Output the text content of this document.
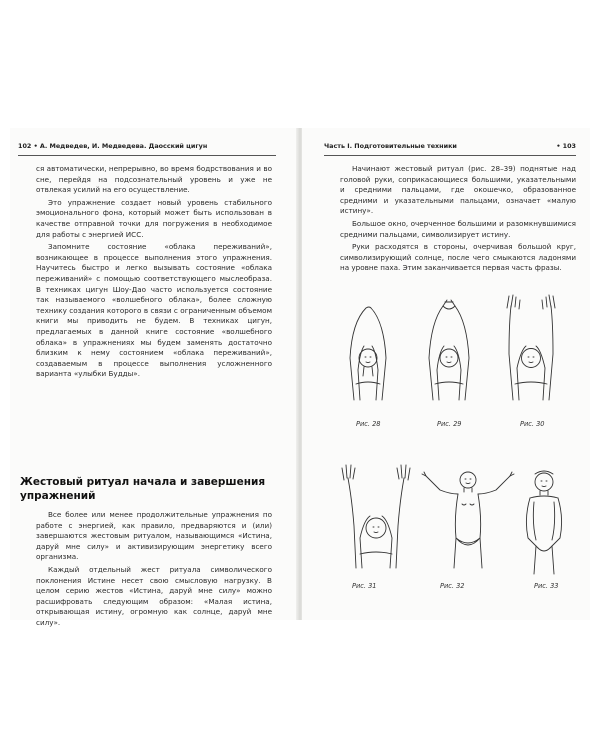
102 • А. Медведев, И. Медведева. Даосский цигун

ся автоматически, непрерывно, во время бодрствования и во сне, перейдя на подсознательный уровень и уже не отвлекая усилий на его осуществление.

Это упражнение создает новый уровень стабильного эмоционального фона, который может быть использован в качестве отправной точки для погружения в необходимое для работы с энергией ИСС.

Запомните состояние «облака переживаний», возникающее в процессе выполнения этого упражнения. Научитесь быстро и легко вызывать состояние «облака переживаний» с помощью соответствующего мыслеобраза. В техниках цигун Шоу-Дао часто используется состояние так называемого «волшебного облака», более сложную технику создания которого в связи с ограниченным объемом книги мы приводить не будем. В техниках цигун, предлагаемых в данной книге состояние «волшебного облака» в упражнениях мы будем заменять достаточно близким к нему состоянием «облака переживаний», создаваемым в процессе выполнения усложненного варианта «улыбки Будды».

Жестовый ритуал начала и завершения упражнений

Все более или менее продолжительные упражнения по работе с энергией, как правило, предваряются и (или) завершаются жестовым ритуалом, называющимся «Истина, даруй мне силу» и активизирующим энергетику всего организма.

Каждый отдельный жест ритуала символического поклонения Истине несет свою смысловую нагрузку. В целом серию жестов «Истина, даруй мне силу» можно расшифровать следующим образом: «Малая истина, открывающая истину, огромную как солнце, даруй мне силу».

Часть I. Подготовительные техники	• 103

Начинают жестовый ритуал (рис. 28–39) поднятые над головой руки, соприкасающиеся большими, указательными и средними пальцами, где окошечко, образованное средними и указательными пальцами, означает «малую истину».

Большое окно, очерченное большими и разомкнувшимися средними пальцами, символизирует истину.

Руки расходятся в стороны, очерчивая большой круг, символизирующий солнце, после чего смыкаются ладонями на уровне паха. Этим заканчивается первая часть фразы.

Рис. 28	Рис. 29	Рис. 30
Рис. 31	Рис. 32	Рис. 33
